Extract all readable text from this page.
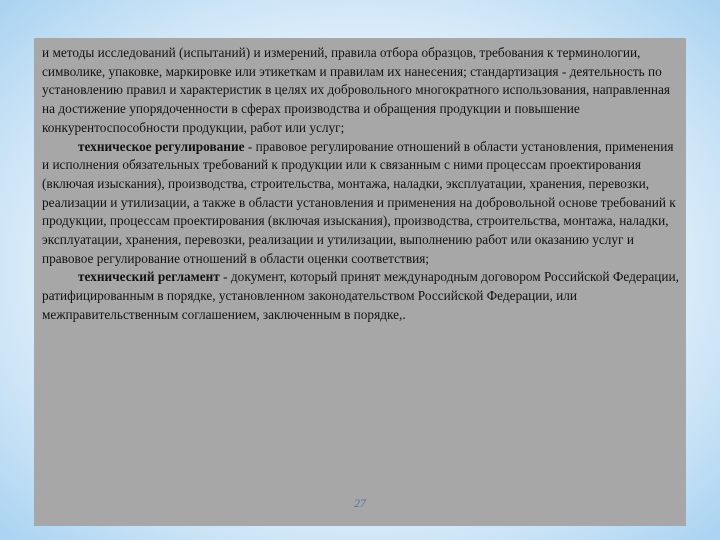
и методы исследований (испытаний) и измерений, правила отбора образцов, требования к терминологии, символике, упаковке, маркировке или этикеткам и правилам их нанесения; стандартизация - деятельность по установлению правил и характеристик в целях их добровольного многократного использования, направленная на достижение упорядоченности в сферах производства и обращения продукции и повышение конкурентоспособности продукции, работ или услуг;

техническое регулирование - правовое регулирование отношений в области установления, применения и исполнения обязательных требований к продукции или к связанным с ними процессам проектирования (включая изыскания), производства, строительства, монтажа, наладки, эксплуатации, хранения, перевозки, реализации и утилизации, а также в области установления и применения на добровольной основе требований к продукции, процессам проектирования (включая изыскания), производства, строительства, монтажа, наладки, эксплуатации, хранения, перевозки, реализации и утилизации, выполнению работ или оказанию услуг и правовое регулирование отношений в области оценки соответствия;

технический регламент - документ, который принят международным договором Российской Федерации, ратифицированным в порядке, установленном законодательством Российской Федерации, или межправительственным соглашением, заключенным в порядке,.

27
